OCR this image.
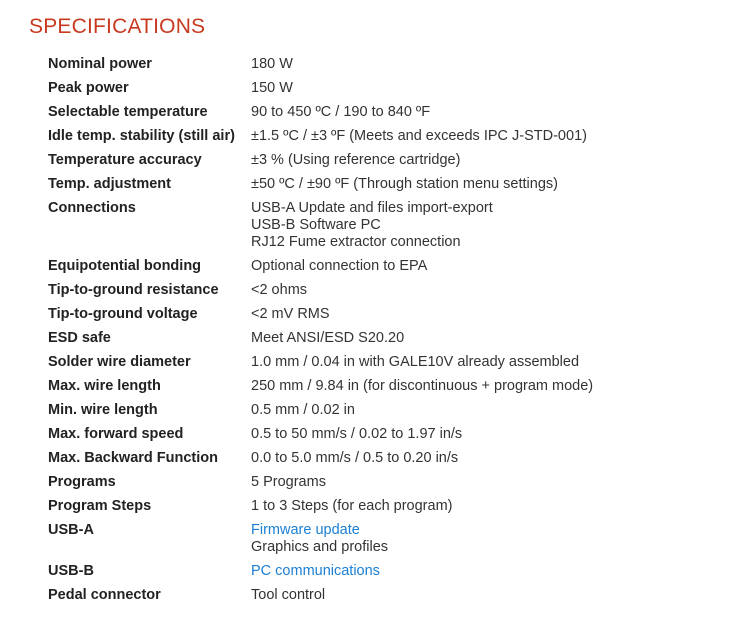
SPECIFICATIONS
Nominal power	180 W

Peak power	150 W

Selectable temperature	90 to 450 ºC / 190 to 840 ºF

Idle temp. stability (still air)	±1.5 ºC / ±3 ºF (Meets and exceeds IPC J-STD-001)

Temperature accuracy	±3 % (Using reference cartridge)

Temp. adjustment	±50 ºC / ±90 ºF (Through station menu settings)

Connections	USB-A Update and files import-export
USB-B Software PC
RJ12 Fume extractor connection

Equipotential bonding	Optional connection to EPA

Tip-to-ground resistance	<2 ohms

Tip-to-ground voltage	<2 mV RMS

ESD safe	Meet ANSI/ESD S20.20

Solder wire diameter	1.0 mm / 0.04 in with GALE10V already assembled

Max. wire length	250 mm / 9.84 in (for discontinuous + program mode)

Min. wire length	0.5 mm / 0.02 in

Max. forward speed	0.5 to 50 mm/s / 0.02 to 1.97 in/s

Max. Backward Function	0.0 to 5.0 mm/s / 0.5 to 0.20 in/s

Programs	5 Programs

Program Steps	1 to 3 Steps (for each program)

USB-A	Firmware update
Graphics and profiles

USB-B	PC communications

Pedal connector	Tool control
